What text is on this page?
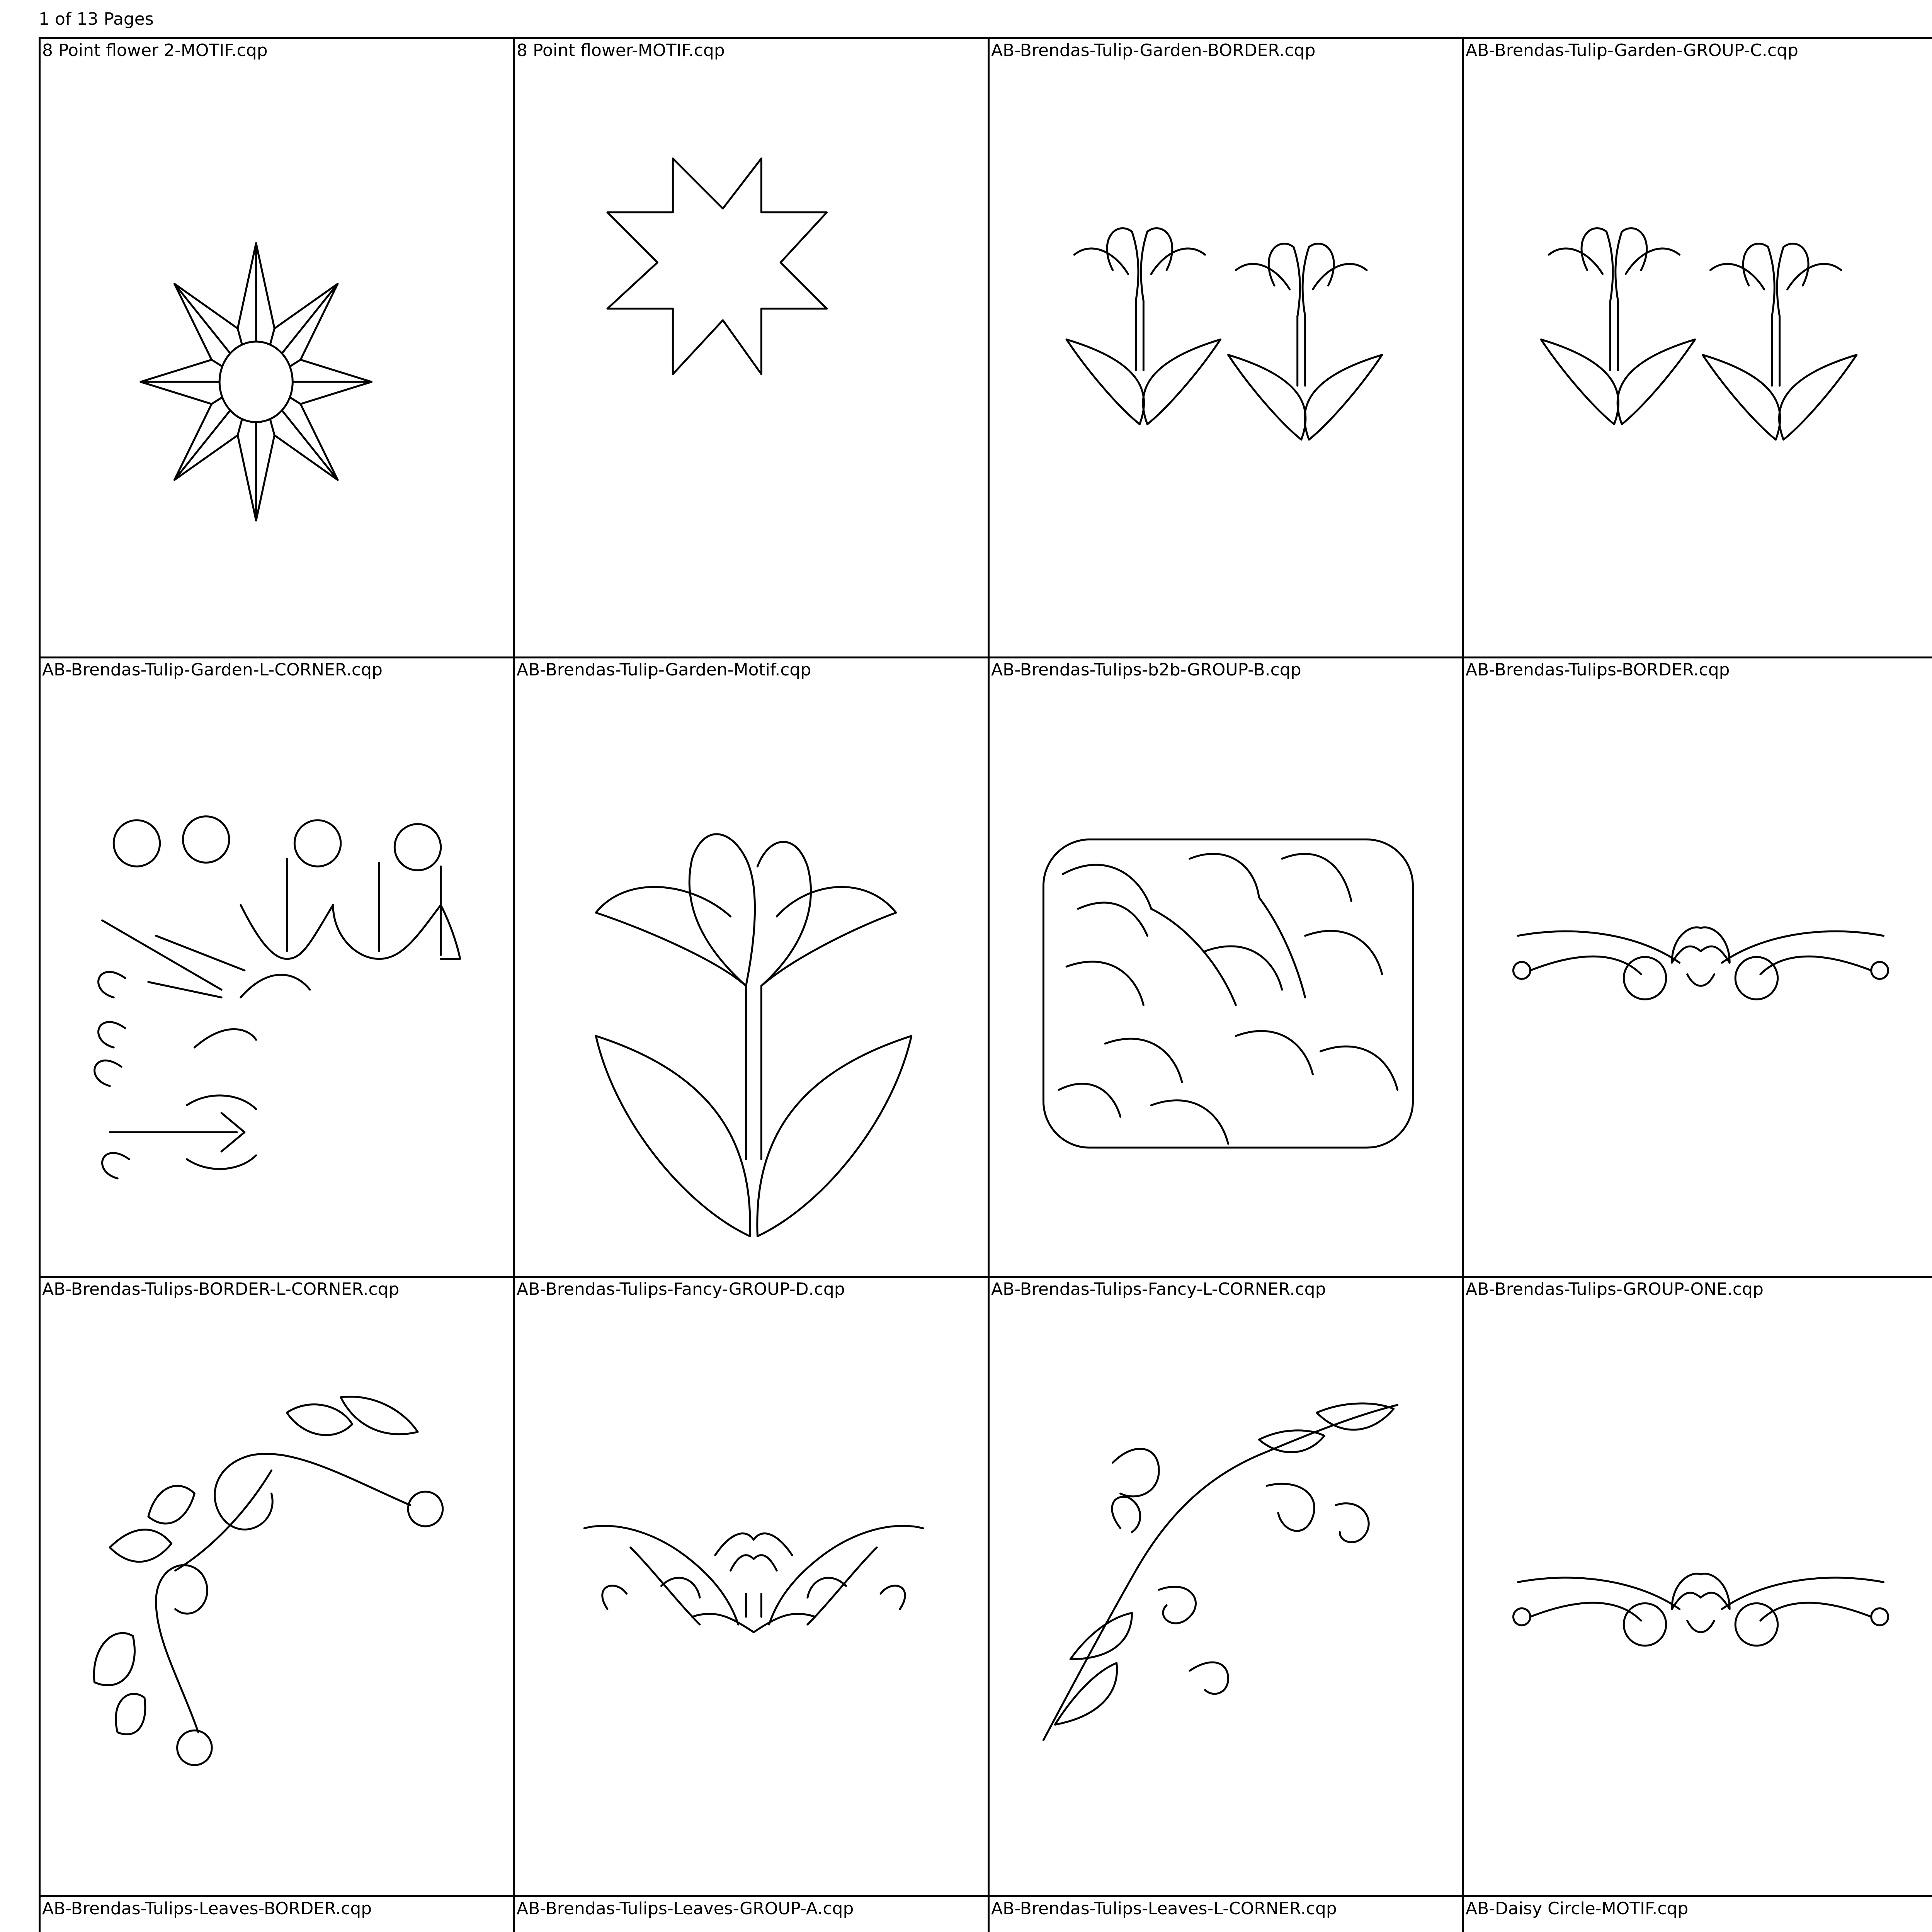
1 of 13 Pages
8 Point flower 2-MOTIF.cqp	8 Point flower-MOTIF.cqp	AB-Brendas-Tulip-Garden-BORDER.cqp	AB-Brendas-Tulip-Garden-GROUP-C.cqp
AB-Brendas-Tulip-Garden-L-CORNER.cqp	AB-Brendas-Tulip-Garden-Motif.cqp	AB-Brendas-Tulips-b2b-GROUP-B.cqp	AB-Brendas-Tulips-BORDER.cqp
AB-Brendas-Tulips-BORDER-L-CORNER.cqp	AB-Brendas-Tulips-Fancy-GROUP-D.cqp	AB-Brendas-Tulips-Fancy-L-CORNER.cqp	AB-Brendas-Tulips-GROUP-ONE.cqp
AB-Brendas-Tulips-Leaves-BORDER.cqp	AB-Brendas-Tulips-Leaves-GROUP-A.cqp	AB-Brendas-Tulips-Leaves-L-CORNER.cqp	AB-Daisy Circle-MOTIF.cqp
